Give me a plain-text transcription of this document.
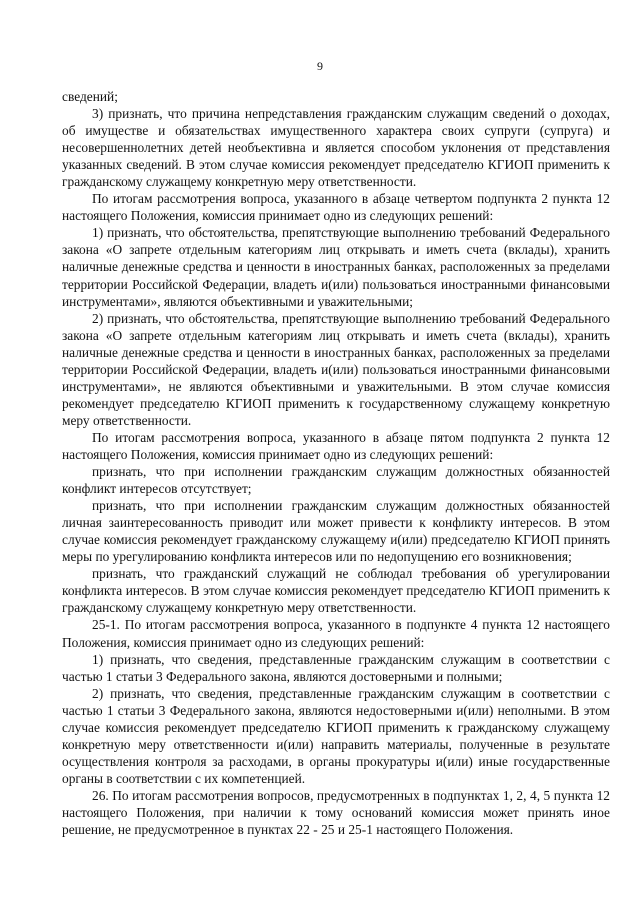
9

сведений;

3) признать, что причина непредставления гражданским служащим сведений о доходах, об имуществе и обязательствах имущественного характера своих супруги (супруга) и несовершеннолетних детей необъективна и является способом уклонения от представления указанных сведений. В этом случае комиссия рекомендует председателю КГИОП применить к гражданскому служащему конкретную меру ответственности.

По итогам рассмотрения вопроса, указанного в абзаце четвертом подпункта 2 пункта 12 настоящего Положения, комиссия принимает одно из следующих решений:

1) признать, что обстоятельства, препятствующие выполнению требований Федерального закона «О запрете отдельным категориям лиц открывать и иметь счета (вклады), хранить наличные денежные средства и ценности в иностранных банках, расположенных за пределами территории Российской Федерации, владеть и(или) пользоваться иностранными финансовыми инструментами», являются объективными и уважительными;

2) признать, что обстоятельства, препятствующие выполнению требований Федерального закона «О запрете отдельным категориям лиц открывать и иметь счета (вклады), хранить наличные денежные средства и ценности в иностранных банках, расположенных за пределами территории Российской Федерации, владеть и(или) пользоваться иностранными финансовыми инструментами», не являются объективными и уважительными. В этом случае комиссия рекомендует председателю КГИОП применить к государственному служащему конкретную меру ответственности.

По итогам рассмотрения вопроса, указанного в абзаце пятом подпункта 2 пункта 12 настоящего Положения, комиссия принимает одно из следующих решений:

признать, что при исполнении гражданским служащим должностных обязанностей конфликт интересов отсутствует;

признать, что при исполнении гражданским служащим должностных обязанностей личная заинтересованность приводит или может привести к конфликту интересов. В этом случае комиссия рекомендует гражданскому служащему и(или) председателю КГИОП принять меры по урегулированию конфликта интересов или по недопущению его возникновения;

признать, что гражданский служащий не соблюдал требования об урегулировании конфликта интересов. В этом случае комиссия рекомендует председателю КГИОП применить к гражданскому служащему конкретную меру ответственности.

25-1. По итогам рассмотрения вопроса, указанного в подпункте 4 пункта 12 настоящего Положения, комиссия принимает одно из следующих решений:

1) признать, что сведения, представленные гражданским служащим в соответствии с частью 1 статьи 3 Федерального закона, являются достоверными и полными;

2) признать, что сведения, представленные гражданским служащим в соответствии с частью 1 статьи 3 Федерального закона, являются недостоверными и(или) неполными. В этом случае комиссия рекомендует председателю КГИОП применить к гражданскому служащему конкретную меру ответственности и(или) направить материалы, полученные в результате осуществления контроля за расходами, в органы прокуратуры и(или) иные государственные органы в соответствии с их компетенцией.

26. По итогам рассмотрения вопросов, предусмотренных в подпунктах 1, 2, 4, 5 пункта 12 настоящего Положения, при наличии к тому оснований комиссия может принять иное решение, не предусмотренное в пунктах 22 - 25 и 25-1 настоящего Положения.
